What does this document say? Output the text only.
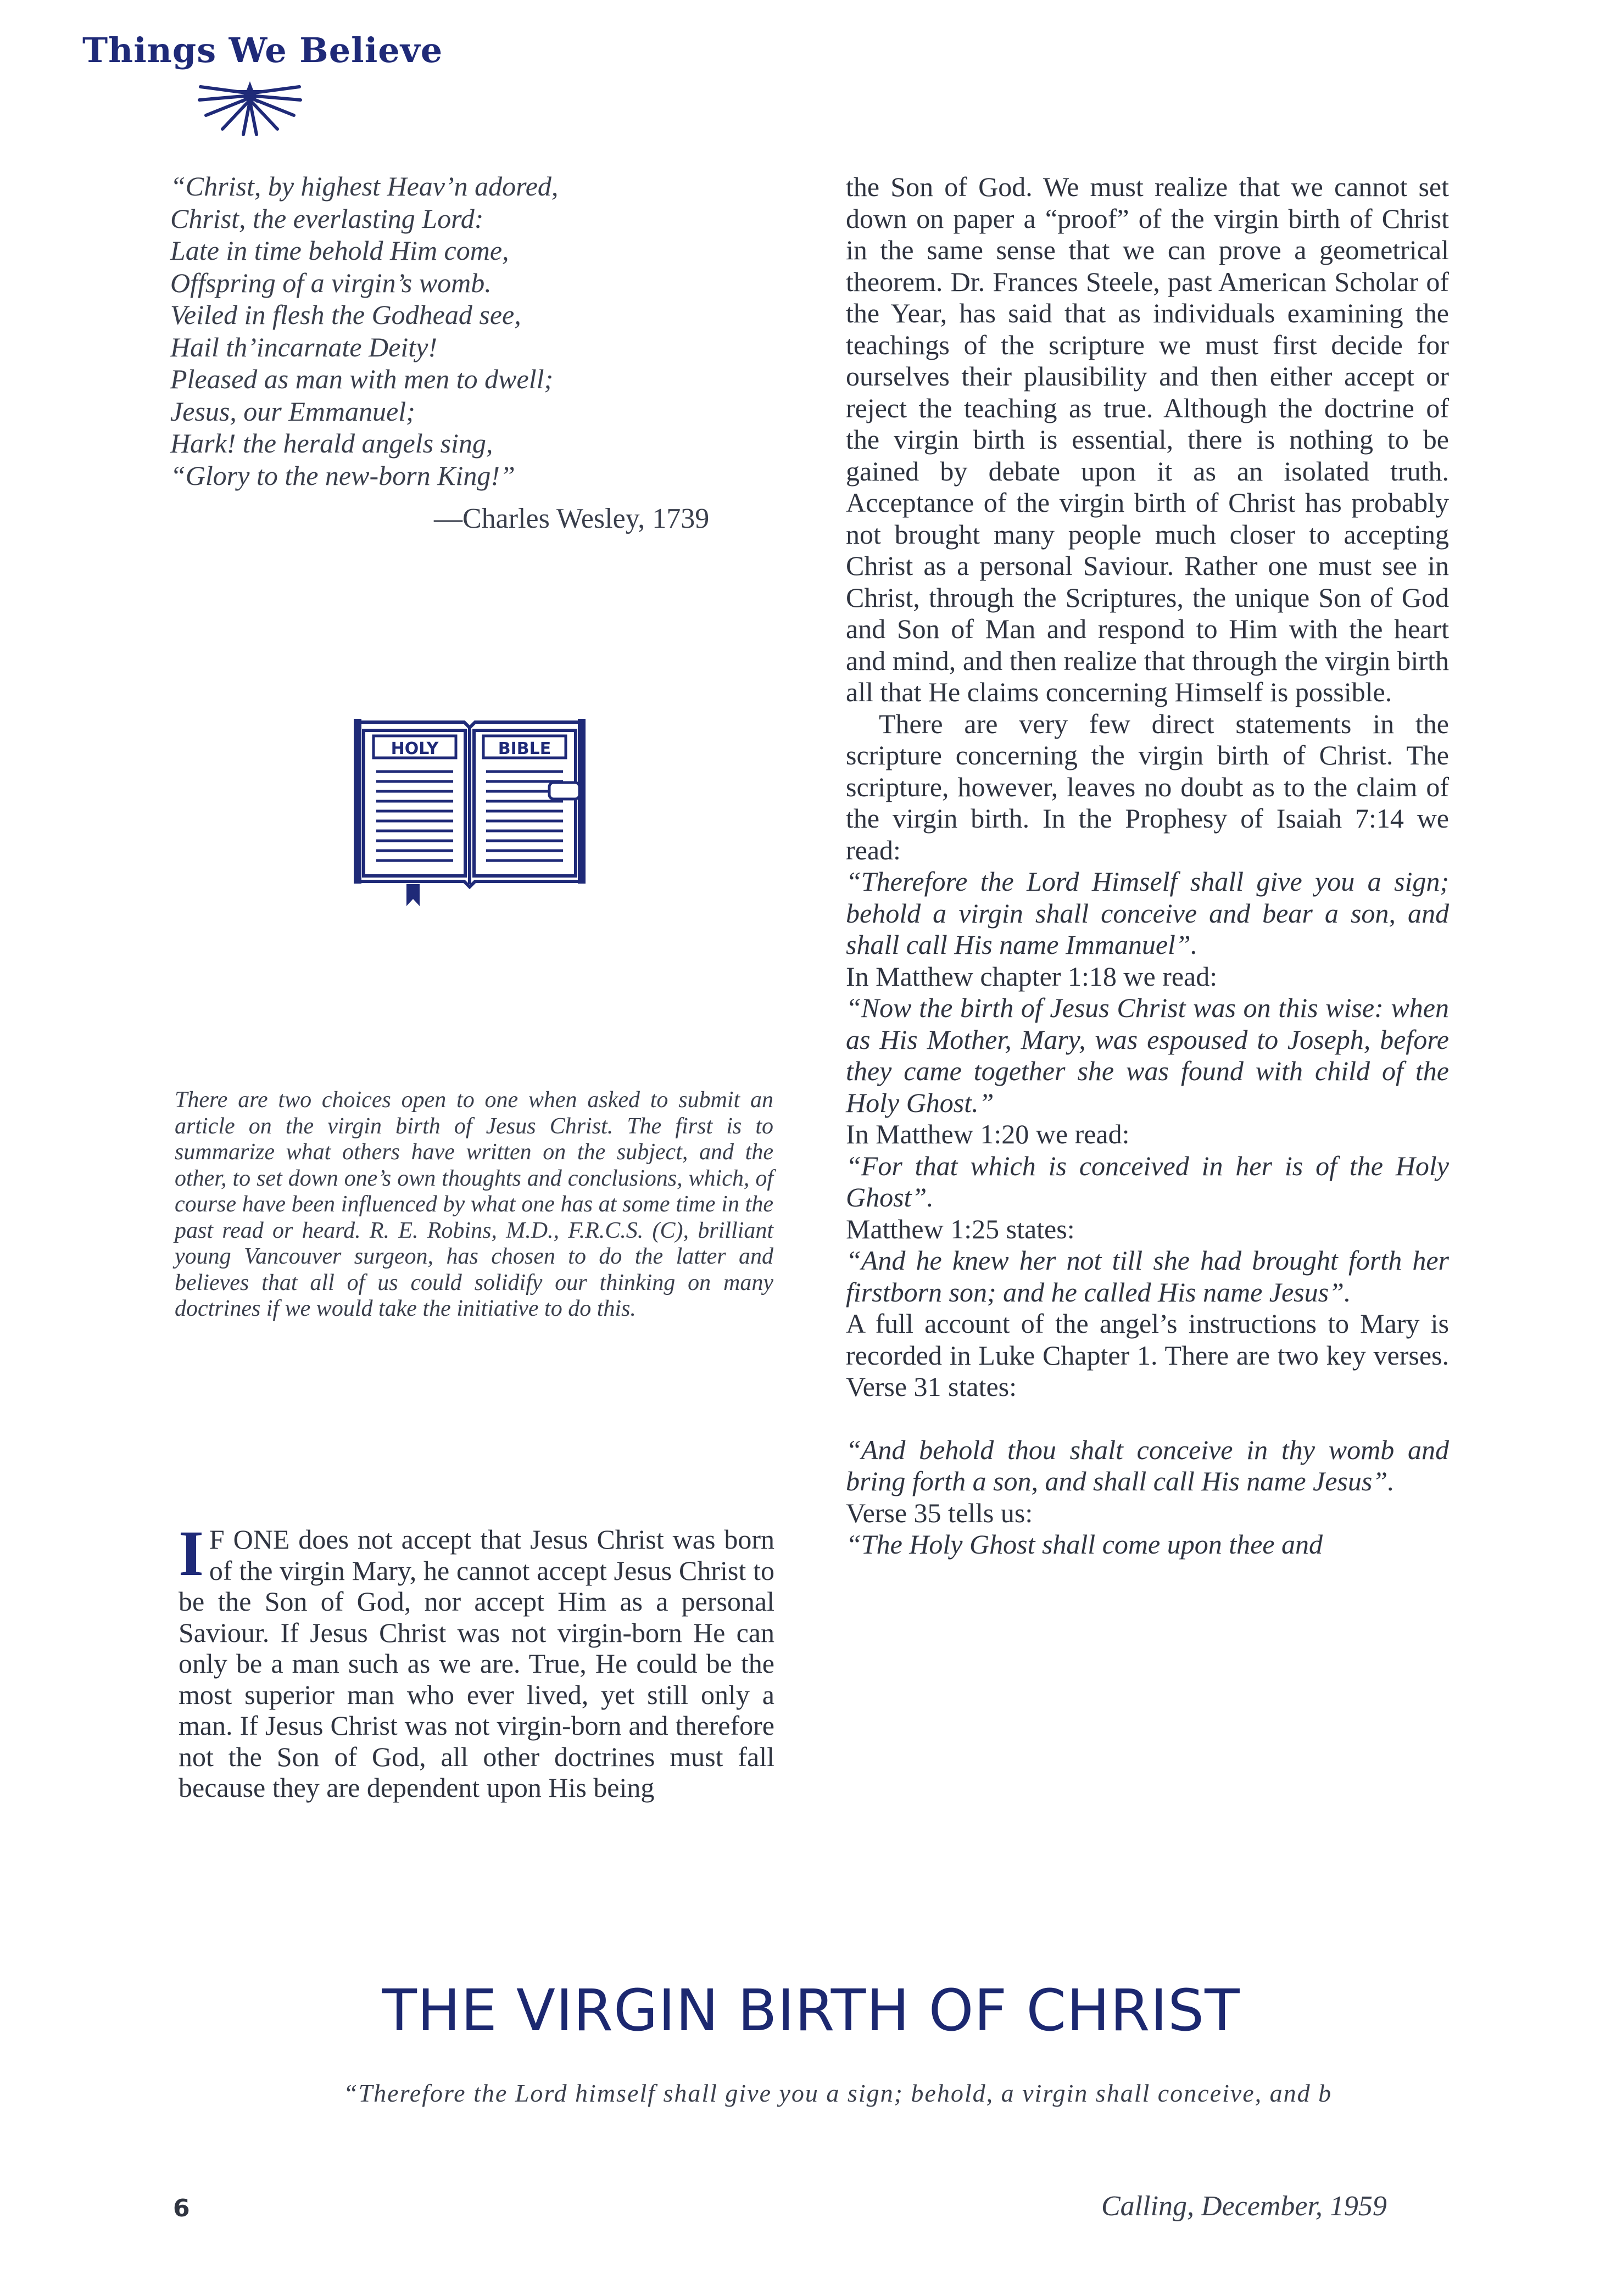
Things We Believe
“Christ, by highest Heav’n adored,
Christ, the everlasting Lord:
Late in time behold Him come,
Offspring of a virgin’s womb.
Veiled in flesh the Godhead see,
Hail th’incarnate Deity!
Pleased as man with men to dwell;
Jesus, our Emmanuel;
Hark! the herald angels sing,
“Glory to the new-born King!”
—Charles Wesley, 1739
HOLY	BIBLE
There are two choices open to one when asked to submit an article on the virgin birth of Jesus Christ. The first is to summarize what others have written on the subject, and the other, to set down one’s own thoughts and conclusions, which, of course have been influenced by what one has at some time in the past read or heard. R. E. Robins, M.D., F.R.C.S. (C), brilliant young Vancouver surgeon, has chosen to do the latter and believes that all of us could solidify our thinking on many doctrines if we would take the initiative to do this.
I F ONE does not accept that Jesus Christ was born of the virgin Mary, he cannot accept Jesus Christ to be the Son of God, nor accept Him as a personal Saviour. If Jesus Christ was not virgin-born He can only be a man such as we are. True, He could be the most superior man who ever lived, yet still only a man. If Jesus Christ was not virgin-born and therefore not the Son of God, all other doctrines must fall because they are dependent upon His being

the Son of God. We must realize that we cannot set down on paper a “proof” of the virgin birth of Christ in the same sense that we can prove a geometrical theorem. Dr. Frances Steele, past American Scholar of the Year, has said that as individuals examining the teachings of the scripture we must first decide for ourselves their plausibility and then either accept or reject the teaching as true. Although the doctrine of the virgin birth is essential, there is nothing to be gained by debate upon it as an isolated truth. Acceptance of the virgin birth of Christ has probably not brought many people much closer to accepting Christ as a personal Saviour. Rather one must see in Christ, through the Scriptures, the unique Son of God and Son of Man and respond to Him with the heart and mind, and then realize that through the virgin birth all that He claims concerning Himself is possible.

There are very few direct statements in the scripture concerning the virgin birth of Christ. The scripture, however, leaves no doubt as to the claim of the virgin birth. In the Prophesy of Isaiah 7:14 we read:

“Therefore the Lord Himself shall give you a sign; behold a virgin shall conceive and bear a son, and shall call His name Immanuel”.

In Matthew chapter 1:18 we read:

“Now the birth of Jesus Christ was on this wise: when as His Mother, Mary, was espoused to Joseph, before they came together she was found with child of the Holy Ghost.”

In Matthew 1:20 we read:

“For that which is conceived in her is of the Holy Ghost”.

Matthew 1:25 states:

“And he knew her not till she had brought forth her firstborn son; and he called His name Jesus”.

A full account of the angel’s instructions to Mary is recorded in Luke Chapter 1. There are two key verses. Verse 31 states:

“And behold thou shalt conceive in thy womb and bring forth a son, and shall call His name Jesus”.

Verse 35 tells us:

“The Holy Ghost shall come upon thee and

THE VIRGIN BIRTH OF CHRIST
“Therefore the Lord himself shall give you a sign; behold, a virgin shall conceive, and b
6	Calling, December, 1959
